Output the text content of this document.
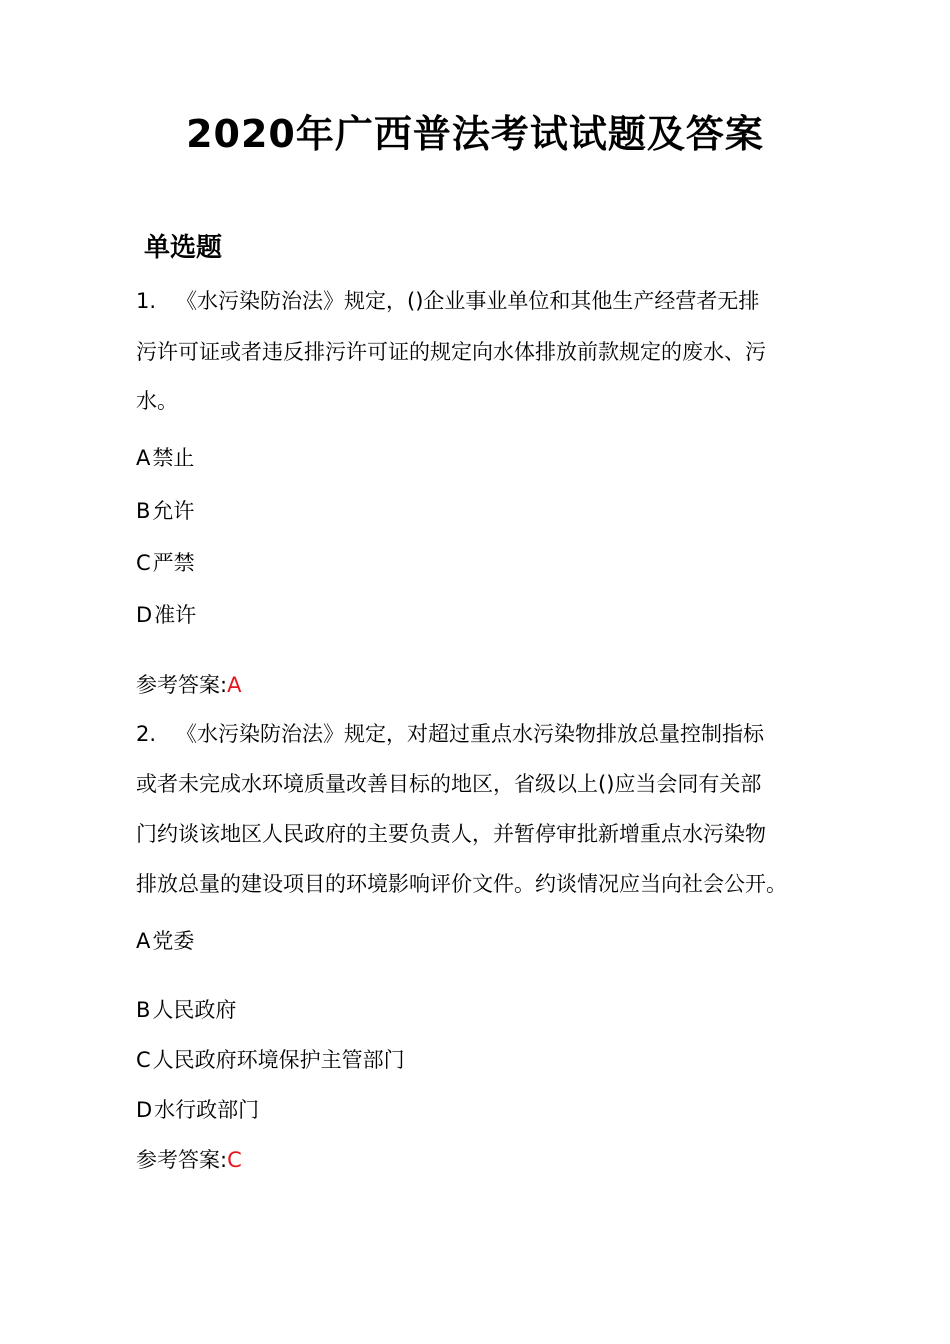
2020年广西普法考试试题及答案
单选题
1. 《水污染防治法》规定，()企业事业单位和其他生产经营者无排
污许可证或者违反排污许可证的规定向水体排放前款规定的废水、污
水。
A禁止
B允许
C严禁
D准许
参考答案:A
2. 《水污染防治法》规定，对超过重点水污染物排放总量控制指标
或者未完成水环境质量改善目标的地区，省级以上()应当会同有关部
门约谈该地区人民政府的主要负责人，并暂停审批新增重点水污染物
排放总量的建设项目的环境影响评价文件。约谈情况应当向社会公开。
A党委
B人民政府
C人民政府环境保护主管部门
D水行政部门
参考答案:C
